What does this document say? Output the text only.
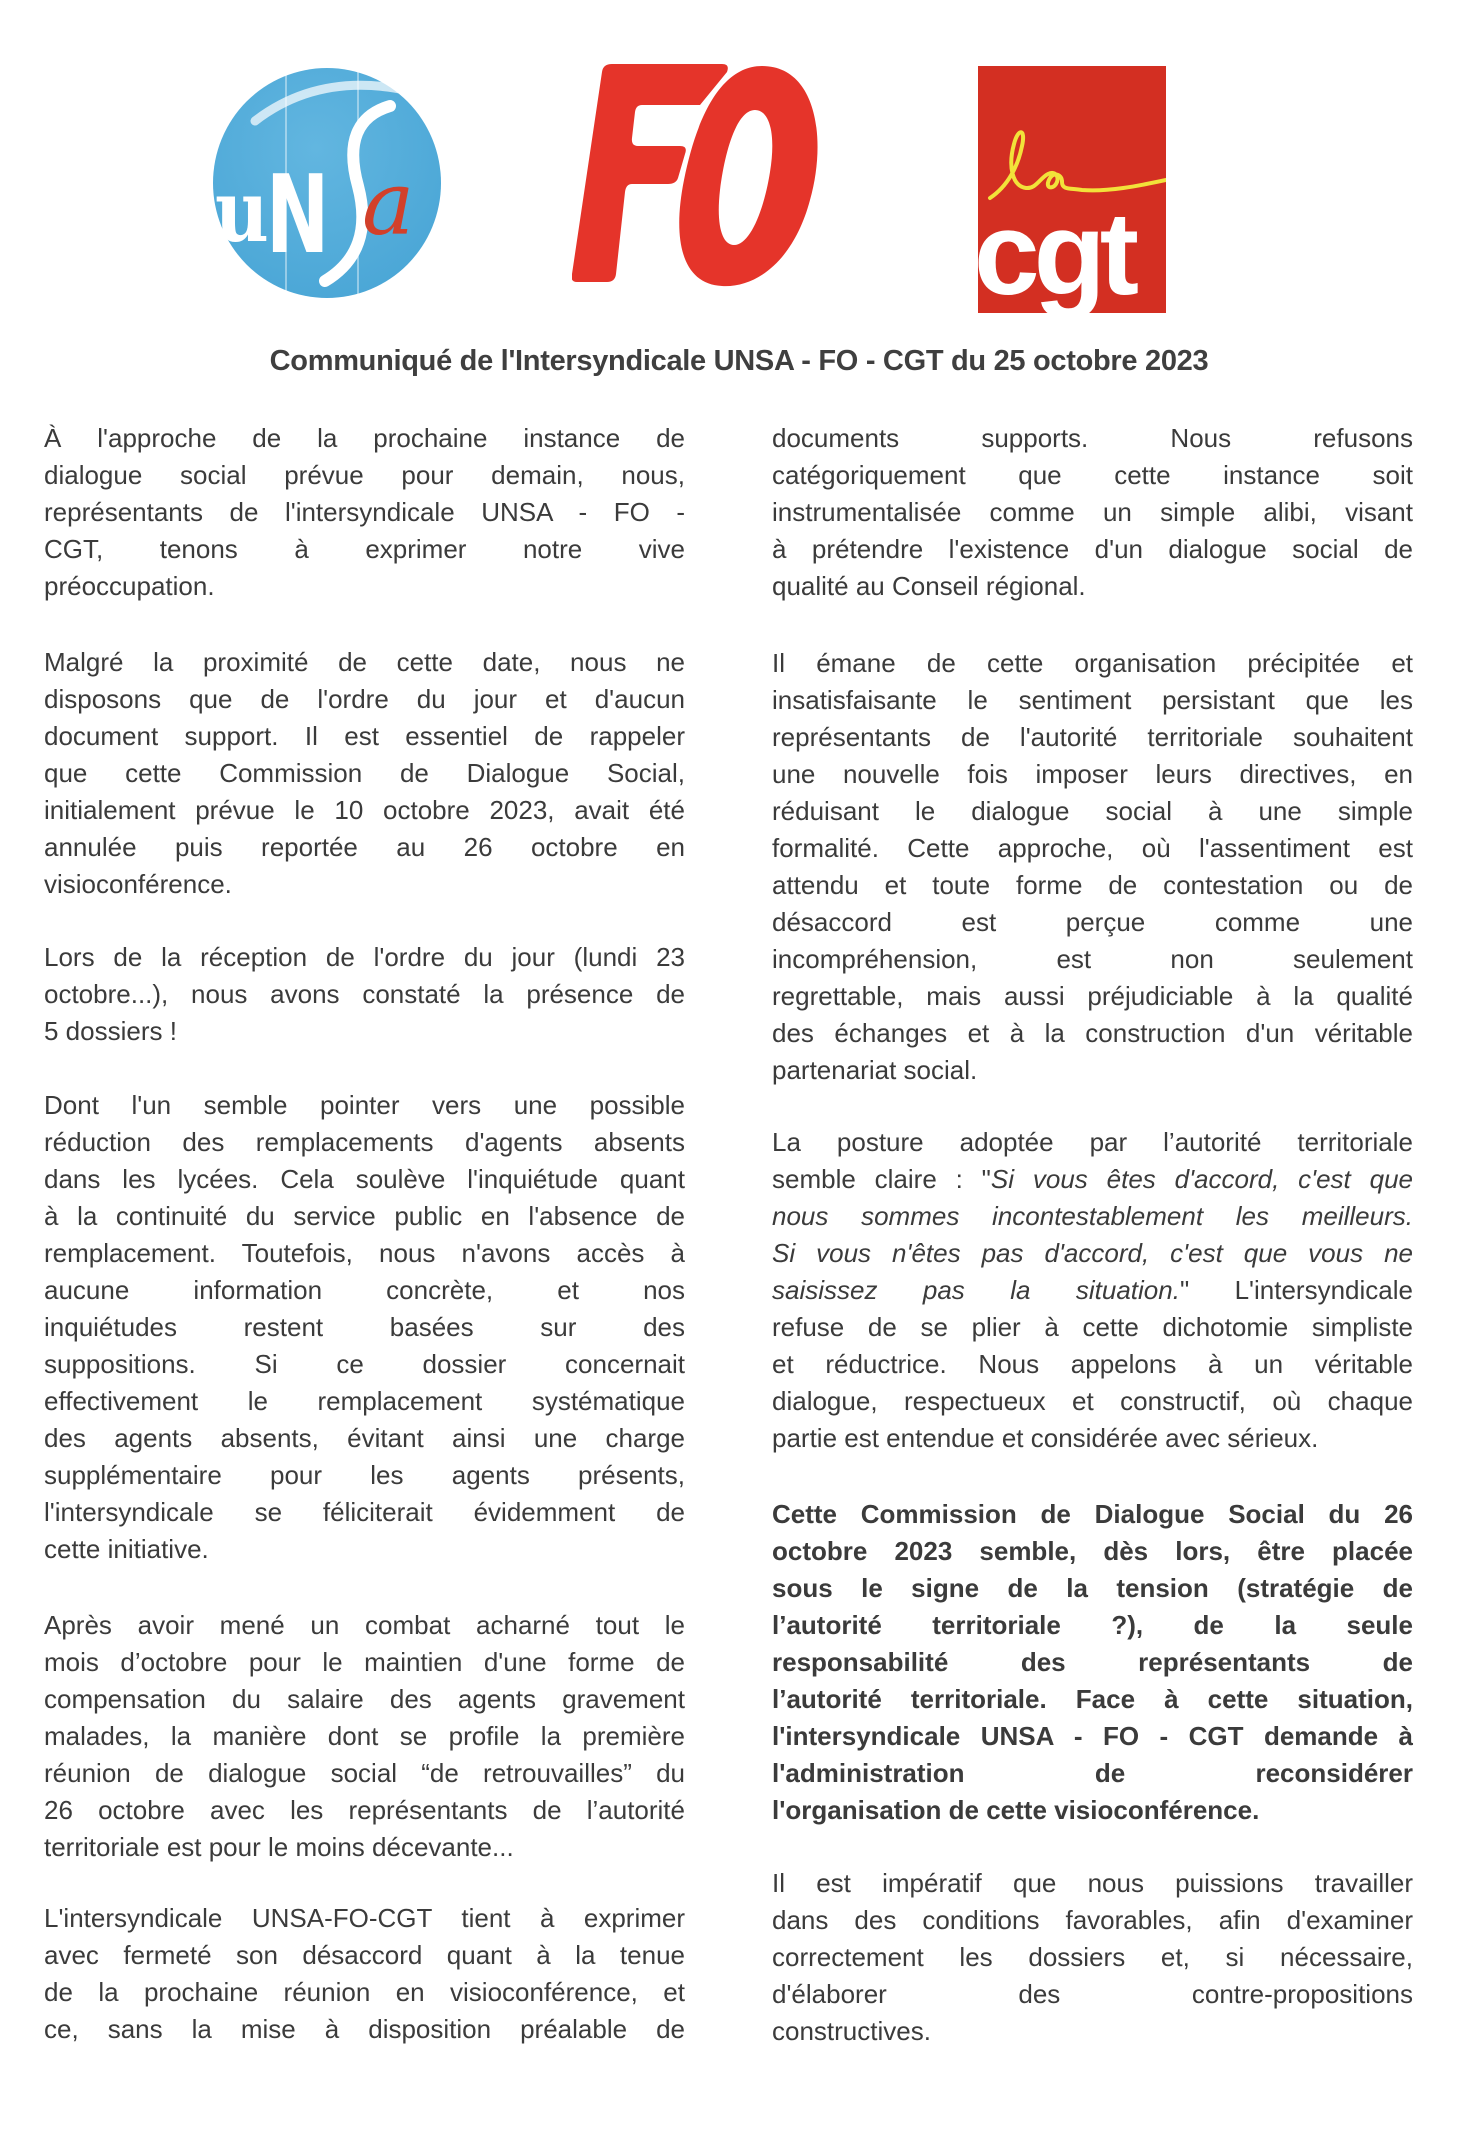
u
N a	cgt
Communiqué de l'Intersyndicale UNSA - FO - CGT du 25 octobre 2023
À l'approche de la prochaine instance de
dialogue social prévue pour demain, nous,
représentants de l'intersyndicale UNSA - FO -
CGT, tenons à exprimer notre vive
préoccupation.
Malgré la proximité de cette date, nous ne
disposons que de l'ordre du jour et d'aucun
document support. Il est essentiel de rappeler
que cette Commission de Dialogue Social,
initialement prévue le 10 octobre 2023, avait été
annulée puis reportée au 26 octobre en
visioconférence.
Lors de la réception de l'ordre du jour (lundi 23
octobre...), nous avons constaté la présence de
5 dossiers !
Dont l'un semble pointer vers une possible
réduction des remplacements d'agents absents
dans les lycées. Cela soulève l'inquiétude quant
à la continuité du service public en l'absence de
remplacement. Toutefois, nous n'avons accès à
aucune information concrète, et nos
inquiétudes restent basées sur des
suppositions. Si ce dossier concernait
effectivement le remplacement systématique
des agents absents, évitant ainsi une charge
supplémentaire pour les agents présents,
l'intersyndicale se féliciterait évidemment de
cette initiative.
Après avoir mené un combat acharné tout le
mois d’octobre pour le maintien d'une forme de
compensation du salaire des agents gravement
malades, la manière dont se profile la première
réunion de dialogue social “de retrouvailles” du
26 octobre avec les représentants de l’autorité
territoriale est pour le moins décevante...
L'intersyndicale UNSA-FO-CGT tient à exprimer
avec fermeté son désaccord quant à la tenue
de la prochaine réunion en visioconférence, et
ce, sans la mise à disposition préalable de
documents supports. Nous refusons
catégoriquement que cette instance soit
instrumentalisée comme un simple alibi, visant
à prétendre l'existence d'un dialogue social de
qualité au Conseil régional.
Il émane de cette organisation précipitée et
insatisfaisante le sentiment persistant que les
représentants de l'autorité territoriale souhaitent
une nouvelle fois imposer leurs directives, en
réduisant le dialogue social à une simple
formalité. Cette approche, où l'assentiment est
attendu et toute forme de contestation ou de
désaccord est perçue comme une
incompréhension, est non seulement
regrettable, mais aussi préjudiciable à la qualité
des échanges et à la construction d'un véritable
partenariat social.
La posture adoptée par l’autorité territoriale
semble claire : "Si vous êtes d'accord, c'est que
nous sommes incontestablement les meilleurs.
Si vous n'êtes pas d'accord, c'est que vous ne
saisissez pas la situation." L'intersyndicale
refuse de se plier à cette dichotomie simpliste
et réductrice. Nous appelons à un véritable
dialogue, respectueux et constructif, où chaque
partie est entendue et considérée avec sérieux.
Cette Commission de Dialogue Social du 26
octobre 2023 semble, dès lors, être placée
sous le signe de la tension (stratégie de
l’autorité territoriale ?), de la seule
responsabilité des représentants de
l’autorité territoriale. Face à cette situation,
l'intersyndicale UNSA - FO - CGT demande à
l'administration de reconsidérer
l'organisation de cette visioconférence.
Il est impératif que nous puissions travailler
dans des conditions favorables, afin d'examiner
correctement les dossiers et, si nécessaire,
d'élaborer des contre-propositions
constructives.
